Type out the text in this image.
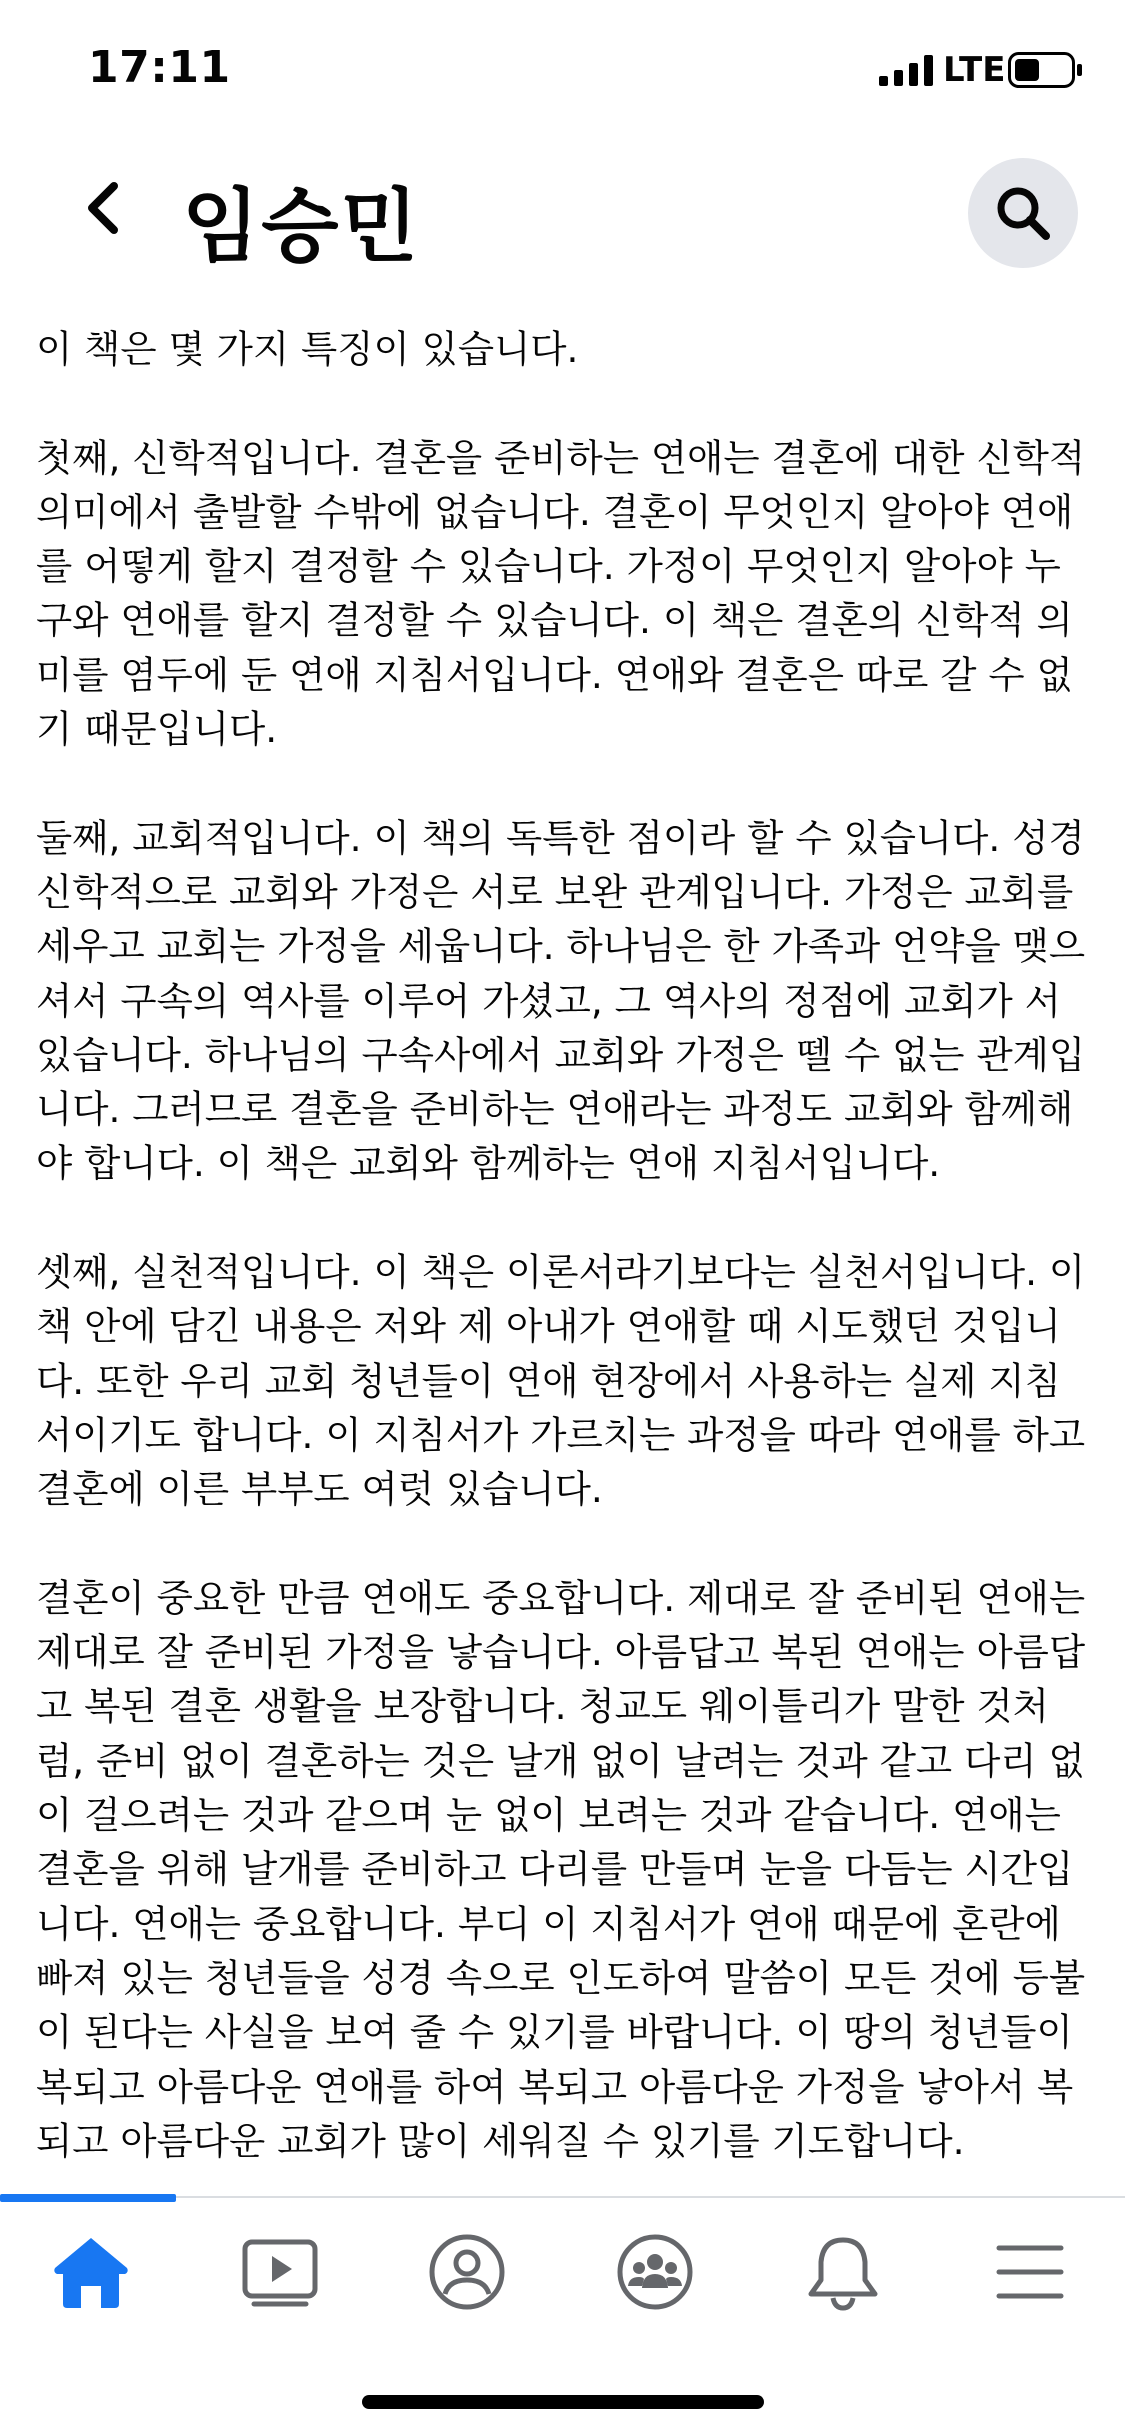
17:11	LTE
임승민
이 책은 몇 가지 특징이 있습니다.
첫째, 신학적입니다. 결혼을 준비하는 연애는 결혼에 대한 신학적
의미에서 출발할 수밖에 없습니다. 결혼이 무엇인지 알아야 연애
를 어떻게 할지 결정할 수 있습니다. 가정이 무엇인지 알아야 누
구와 연애를 할지 결정할 수 있습니다. 이 책은 결혼의 신학적 의
미를 염두에 둔 연애 지침서입니다. 연애와 결혼은 따로 갈 수 없
기 때문입니다.
둘째, 교회적입니다. 이 책의 독특한 점이라 할 수 있습니다. 성경
신학적으로 교회와 가정은 서로 보완 관계입니다. 가정은 교회를
세우고 교회는 가정을 세웁니다. 하나님은 한 가족과 언약을 맺으
셔서 구속의 역사를 이루어 가셨고, 그 역사의 정점에 교회가 서
있습니다. 하나님의 구속사에서 교회와 가정은 뗄 수 없는 관계입
니다. 그러므로 결혼을 준비하는 연애라는 과정도 교회와 함께해
야 합니다. 이 책은 교회와 함께하는 연애 지침서입니다.
셋째, 실천적입니다. 이 책은 이론서라기보다는 실천서입니다. 이
책 안에 담긴 내용은 저와 제 아내가 연애할 때 시도했던 것입니
다. 또한 우리 교회 청년들이 연애 현장에서 사용하는 실제 지침
서이기도 합니다. 이 지침서가 가르치는 과정을 따라 연애를 하고
결혼에 이른 부부도 여럿 있습니다.
결혼이 중요한 만큼 연애도 중요합니다. 제대로 잘 준비된 연애는
제대로 잘 준비된 가정을 낳습니다. 아름답고 복된 연애는 아름답
고 복된 결혼 생활을 보장합니다. 청교도 웨이틀리가 말한 것처
럼, 준비 없이 결혼하는 것은 날개 없이 날려는 것과 같고 다리 없
이 걸으려는 것과 같으며 눈 없이 보려는 것과 같습니다. 연애는
결혼을 위해 날개를 준비하고 다리를 만들며 눈을 다듬는 시간입
니다. 연애는 중요합니다. 부디 이 지침서가 연애 때문에 혼란에
빠져 있는 청년들을 성경 속으로 인도하여 말씀이 모든 것에 등불
이 된다는 사실을 보여 줄 수 있기를 바랍니다. 이 땅의 청년들이
복되고 아름다운 연애를 하여 복되고 아름다운 가정을 낳아서 복
되고 아름다운 교회가 많이 세워질 수 있기를 기도합니다.
